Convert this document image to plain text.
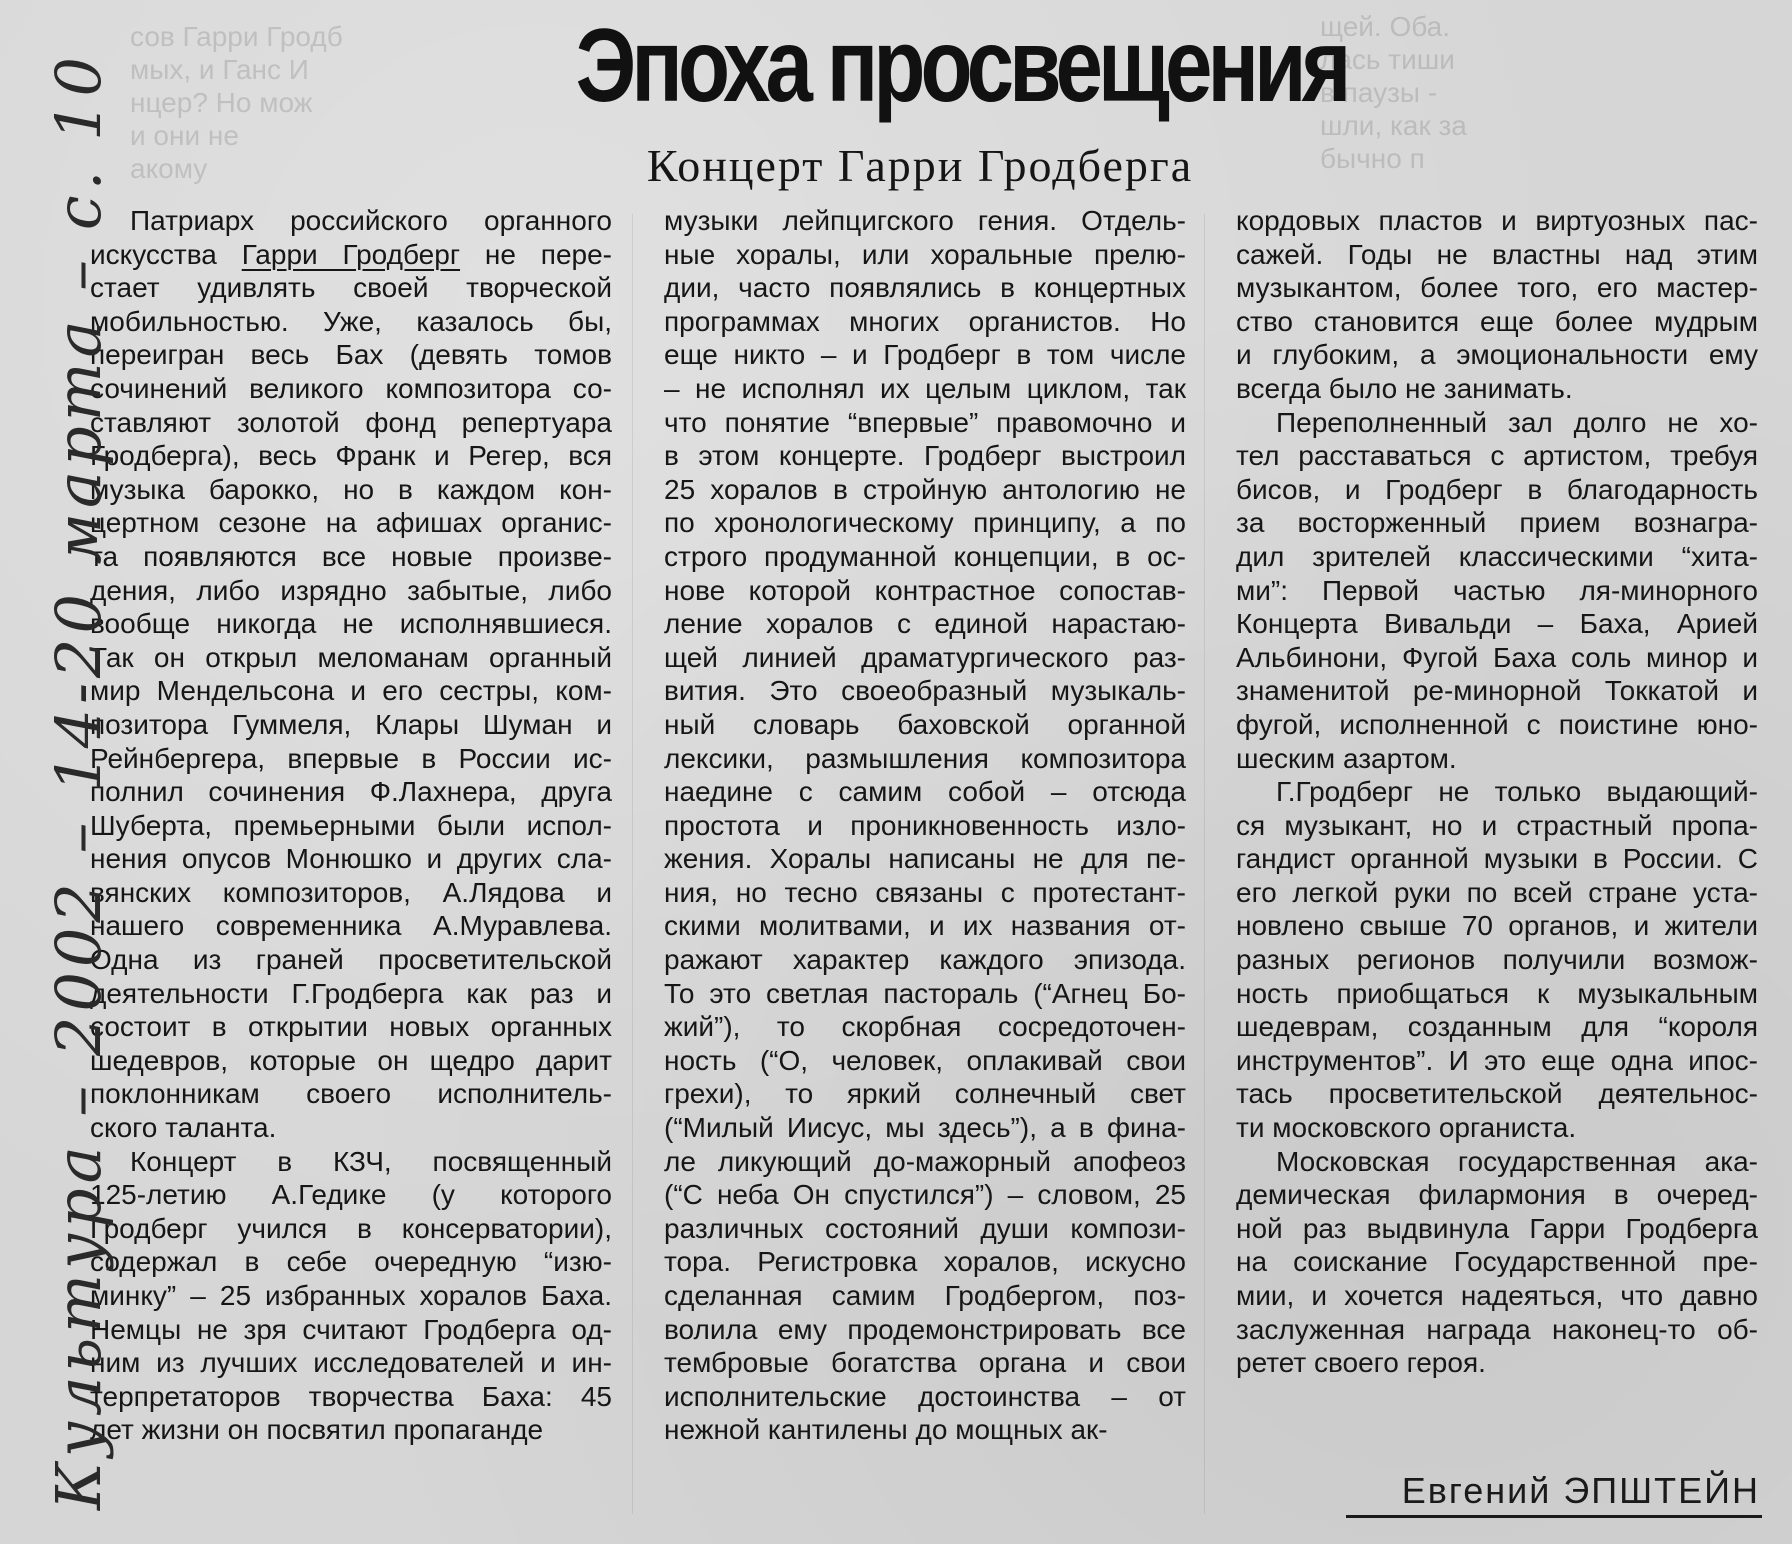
сов Гарри Гродб
мых, и Ганс И
нцер? Но мож
и они не
акому
щей. Оба.
лась тиши
в паузы -
шли, как за
бычно п
Эпоха просвещения
Концерт Гарри Гродберга

Патриарх российского органного
искусства Гарри Гродберг не пере-
стает удивлять своей творческой
мобильностью. Уже, казалось бы,
переигран весь Бах (девять томов
сочинений великого композитора со-
ставляют золотой фонд репертуара
Гродберга), весь Франк и Регер, вся
музыка барокко, но в каждом кон-
цертном сезоне на афишах органис-
та появляются все новые произве-
дения, либо изрядно забытые, либо
вообще никогда не исполнявшиеся.
Так он открыл меломанам органный
мир Мендельсона и его сестры, ком-
позитора Гуммеля, Клары Шуман и
Рейнбергера, впервые в России ис-
полнил сочинения Ф.Лахнера, друга
Шуберта, премьерными были испол-
нения опусов Монюшко и других сла-
вянских композиторов, А.Лядова и
нашего современника А.Муравлева.
Одна из граней просветительской
деятельности Г.Гродберга как раз и
состоит в открытии новых органных
шедевров, которые он щедро дарит
поклонникам своего исполнитель-
ского таланта.
Концерт в КЗЧ, посвященный
125-летию А.Гедике (у которого
Гродберг учился в консерватории),
содержал в себе очередную “изю-
минку” – 25 избранных хоралов Баха.
Немцы не зря считают Гродберга од-
ним из лучших исследователей и ин-
терпретаторов творчества Баха: 45
лет жизни он посвятил пропаганде

музыки лейпцигского гения. Отдель-
ные хоралы, или хоральные прелю-
дии, часто появлялись в концертных
программах многих органистов. Но
еще никто – и Гродберг в том числе
– не исполнял их целым циклом, так
что понятие “впервые” правомочно и
в этом концерте. Гродберг выстроил
25 хоралов в стройную антологию не
по хронологическому принципу, а по
строго продуманной концепции, в ос-
нове которой контрастное сопостав-
ление хоралов с единой нарастаю-
щей линией драматургического раз-
вития. Это своеобразный музыкаль-
ный словарь баховской органной
лексики, размышления композитора
наедине с самим собой – отсюда
простота и проникновенность изло-
жения. Хоралы написаны не для пе-
ния, но тесно связаны с протестант-
скими молитвами, и их названия от-
ражают характер каждого эпизода.
То это светлая пастораль (“Агнец Бо-
жий”), то скорбная сосредоточен-
ность (“О, человек, оплакивай свои
грехи), то яркий солнечный свет
(“Милый Иисус, мы здесь”), а в фина-
ле ликующий до-мажорный апофеоз
(“С неба Он спустился”) – словом, 25
различных состояний души компози-
тора. Регистровка хоралов, искусно
сделанная самим Гродбергом, поз-
волила ему продемонстрировать все
тембровые богатства органа и свои
исполнительские достоинства – от
нежной кантилены до мощных ак-

кордовых пластов и виртуозных пас-
сажей. Годы не властны над этим
музыкантом, более того, его мастер-
ство становится еще более мудрым
и глубоким, а эмоциональности ему
всегда было не занимать.
Переполненный зал долго не хо-
тел расставаться с артистом, требуя
бисов, и Гродберг в благодарность
за восторженный прием вознагра-
дил зрителей классическими “хита-
ми”: Первой частью ля-минорного
Концерта Вивальди – Баха, Арией
Альбинони, Фугой Баха соль минор и
знаменитой ре-минорной Токкатой и
фугой, исполненной с поистине юно-
шеским азартом.
Г.Гродберг не только выдающий-
ся музыкант, но и страстный пропа-
гандист органной музыки в России. С
его легкой руки по всей стране уста-
новлено свыше 70 органов, и жители
разных регионов получили возмож-
ность приобщаться к музыкальным
шедеврам, созданным для “короля
инструментов”. И это еще одна ипос-
тась просветительской деятельнос-
ти московского органиста.
Московская государственная ака-
демическая филармония в очеред-
ной раз выдвинула Гарри Гродберга
на соискание Государственной пре-
мии, и хочется надеяться, что давно
заслуженная награда наконец-то об-
ретет своего героя.

Евгений ЭПШТЕЙН
Культура – 2002 – 14-20 марта – с. 10
